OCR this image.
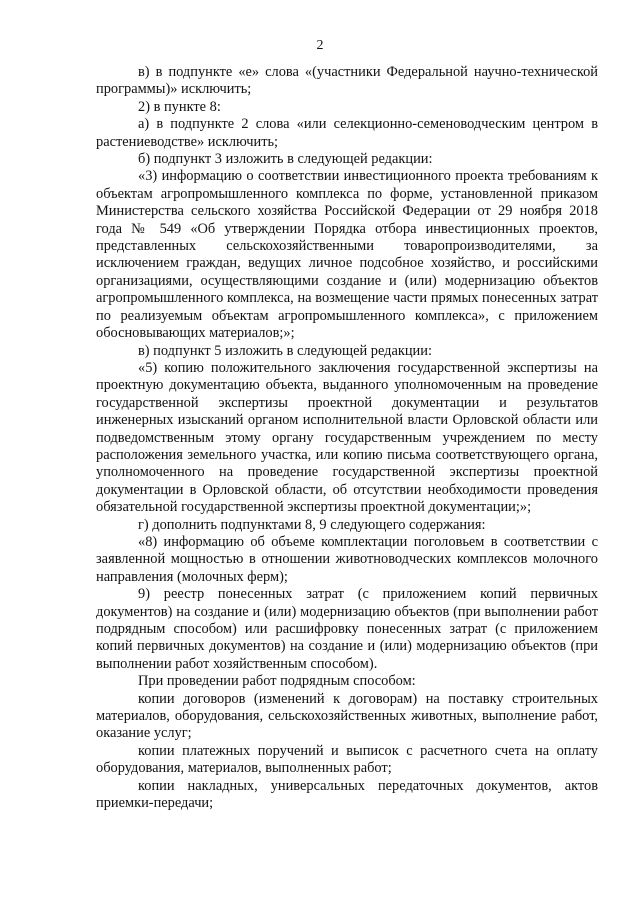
2

в) в подпункте «е» слова «(участники Федеральной научно-технической программы)» исключить;

2) в пункте 8:

а) в подпункте 2 слова «или селекционно-семеноводческим центром в растениеводстве» исключить;

б) подпункт 3 изложить в следующей редакции:

«3) информацию о соответствии инвестиционного проекта требованиям к объектам агропромышленного комплекса по форме, установленной приказом Министерства сельского хозяйства Российской Федерации от 29 ноября 2018 года № 549 «Об утверждении Порядка отбора инвестиционных проектов, представленных сельскохозяйственными товаропроизводителями, за исключением граждан, ведущих личное подсобное хозяйство, и российскими организациями, осуществляющими создание и (или) модернизацию объектов агропромышленного комплекса, на возмещение части прямых понесенных затрат по реализуемым объектам агропромышленного комплекса», с приложением обосновывающих материалов;»;

в) подпункт 5 изложить в следующей редакции:

«5) копию положительного заключения государственной экспертизы на проектную документацию объекта, выданного уполномоченным на проведение государственной экспертизы проектной документации и результатов инженерных изысканий органом исполнительной власти Орловской области или подведомственным этому органу государственным учреждением по месту расположения земельного участка, или копию письма соответствующего органа, уполномоченного на проведение государственной экспертизы проектной документации в Орловской области, об отсутствии необходимости проведения обязательной государственной экспертизы проектной документации;»;

г) дополнить подпунктами 8, 9 следующего содержания:

«8) информацию об объеме комплектации поголовьем в соответствии с заявленной мощностью в отношении животноводческих комплексов молочного направления (молочных ферм);

9) реестр понесенных затрат (с приложением копий первичных документов) на создание и (или) модернизацию объектов (при выполнении работ подрядным способом) или расшифровку понесенных затрат (с приложением копий первичных документов) на создание и (или) модернизацию объектов (при выполнении работ хозяйственным способом).

При проведении работ подрядным способом:

копии договоров (изменений к договорам) на поставку строительных материалов, оборудования, сельскохозяйственных животных, выполнение работ, оказание услуг;

копии платежных поручений и выписок с расчетного счета на оплату оборудования, материалов, выполненных работ;

копии накладных, универсальных передаточных документов, актов приемки-передачи;
